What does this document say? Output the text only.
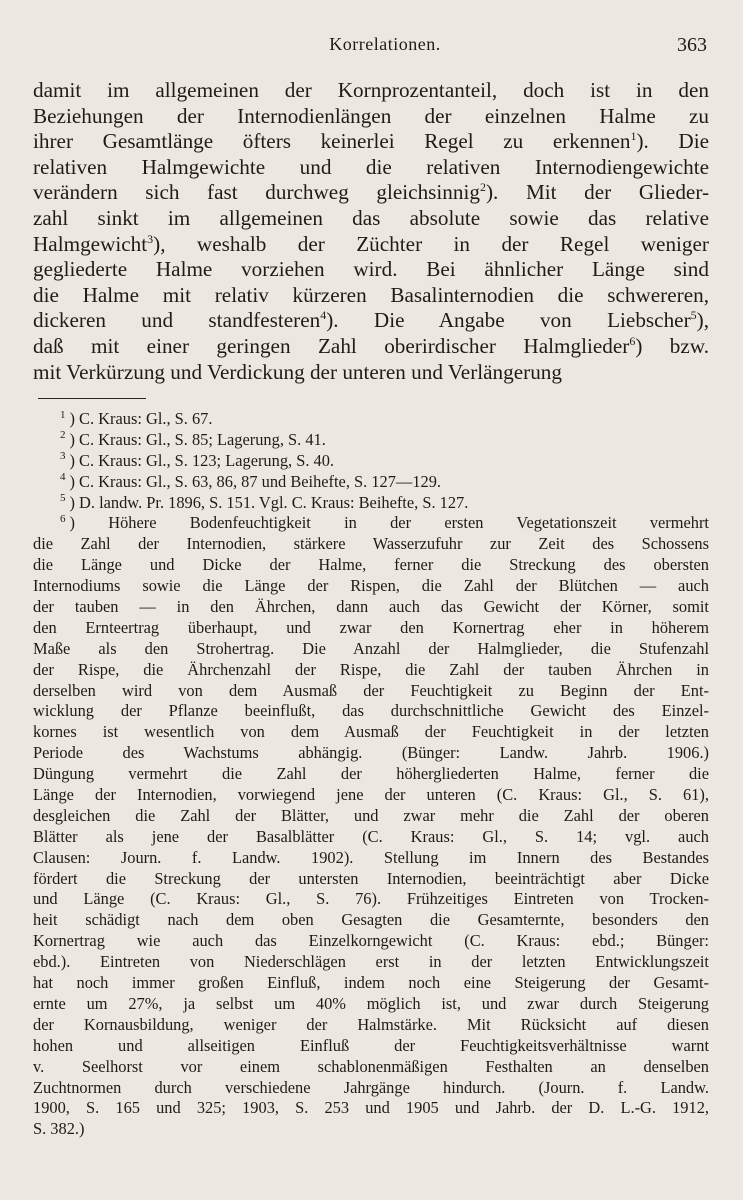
Korrelationen.	363
damit im allgemeinen der Kornprozentanteil, doch ist in den
Beziehungen der Internodienlängen der einzelnen Halme zu
ihrer Gesamtlänge öfters keinerlei Regel zu erkennen$^1$). Die
relativen Halmgewichte und die relativen Internodiengewichte
verändern sich fast durchweg gleichsinnig$^2$). Mit der Glieder-
zahl sinkt im allgemeinen das absolute sowie das relative
Halmgewicht$^3$), weshalb der Züchter in der Regel weniger
gegliederte Halme vorziehen wird. Bei ähnlicher Länge sind
die Halme mit relativ kürzeren Basalinternodien die schwereren,
dickeren und standfesteren$^4$). Die Angabe von Liebscher$^5$),
daß mit einer geringen Zahl oberirdischer Halmglieder$^6$) bzw.
mit Verkürzung und Verdickung der unteren und Verlängerung
$^1$ ) C. Kraus: Gl., S. 67.
$^2$ ) C. Kraus: Gl., S. 85; Lagerung, S. 41.
$^3$ ) C. Kraus: Gl., S. 123; Lagerung, S. 40.
$^4$ ) C. Kraus: Gl., S. 63, 86, 87 und Beihefte, S. 127—129.
$^5$ ) D. landw. Pr. 1896, S. 151. Vgl. C. Kraus: Beihefte, S. 127.
$^6$ ) Höhere Bodenfeuchtigkeit in der ersten Vegetationszeit vermehrt
die Zahl der Internodien, stärkere Wasserzufuhr zur Zeit des Schossens
die Länge und Dicke der Halme, ferner die Streckung des obersten
Internodiums sowie die Länge der Rispen, die Zahl der Blütchen — auch
der tauben — in den Ährchen, dann auch das Gewicht der Körner, somit
den Ernteertrag überhaupt, und zwar den Kornertrag eher in höherem
Maße als den Strohertrag. Die Anzahl der Halmglieder, die Stufenzahl
der Rispe, die Ährchenzahl der Rispe, die Zahl der tauben Ährchen in
derselben wird von dem Ausmaß der Feuchtigkeit zu Beginn der Ent-
wicklung der Pflanze beeinflußt, das durchschnittliche Gewicht des Einzel-
kornes ist wesentlich von dem Ausmaß der Feuchtigkeit in der letzten
Periode des Wachstums abhängig. (Bünger: Landw. Jahrb. 1906.)
Düngung vermehrt die Zahl der höhergliederten Halme, ferner die
Länge der Internodien, vorwiegend jene der unteren (C. Kraus: Gl., S. 61),
desgleichen die Zahl der Blätter, und zwar mehr die Zahl der oberen
Blätter als jene der Basalblätter (C. Kraus: Gl., S. 14; vgl. auch
Clausen: Journ. f. Landw. 1902). Stellung im Innern des Bestandes
fördert die Streckung der untersten Internodien, beeinträchtigt aber Dicke
und Länge (C. Kraus: Gl., S. 76). Frühzeitiges Eintreten von Trocken-
heit schädigt nach dem oben Gesagten die Gesamternte, besonders den
Kornertrag wie auch das Einzelkorngewicht (C. Kraus: ebd.; Bünger:
ebd.). Eintreten von Niederschlägen erst in der letzten Entwicklungszeit
hat noch immer großen Einfluß, indem noch eine Steigerung der Gesamt-
ernte um 27%, ja selbst um 40% möglich ist, und zwar durch Steigerung
der Kornausbildung, weniger der Halmstärke. Mit Rücksicht auf diesen
hohen und allseitigen Einfluß der Feuchtigkeitsverhältnisse warnt
v. Seelhorst vor einem schablonenmäßigen Festhalten an denselben
Zuchtnormen durch verschiedene Jahrgänge hindurch. (Journ. f. Landw.
1900, S. 165 und 325; 1903, S. 253 und 1905 und Jahrb. der D. L.-G. 1912,
S. 382.)
